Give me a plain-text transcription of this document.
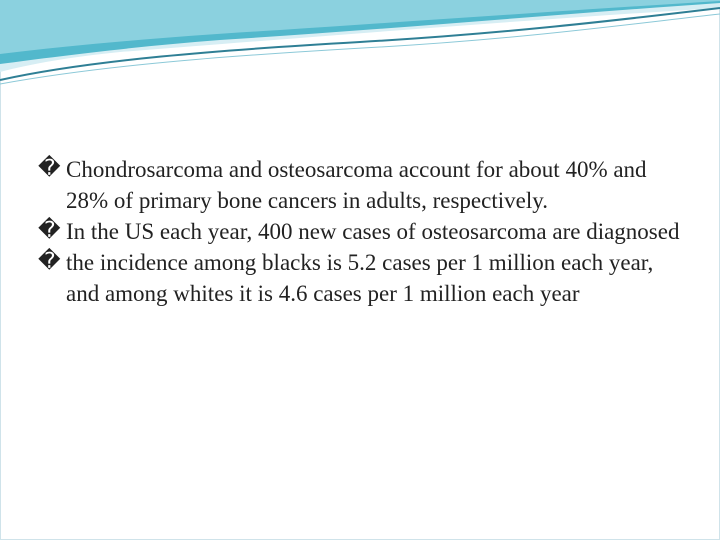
� Chondrosarcoma and osteosarcoma account for about 40% and 28% of primary bone cancers in adults, respectively.

� In the US each year, 400 new cases of osteosarcoma are diagnosed

� the incidence among blacks is 5.2 cases per 1 million each year, and among whites it is 4.6 cases per 1 million each year
